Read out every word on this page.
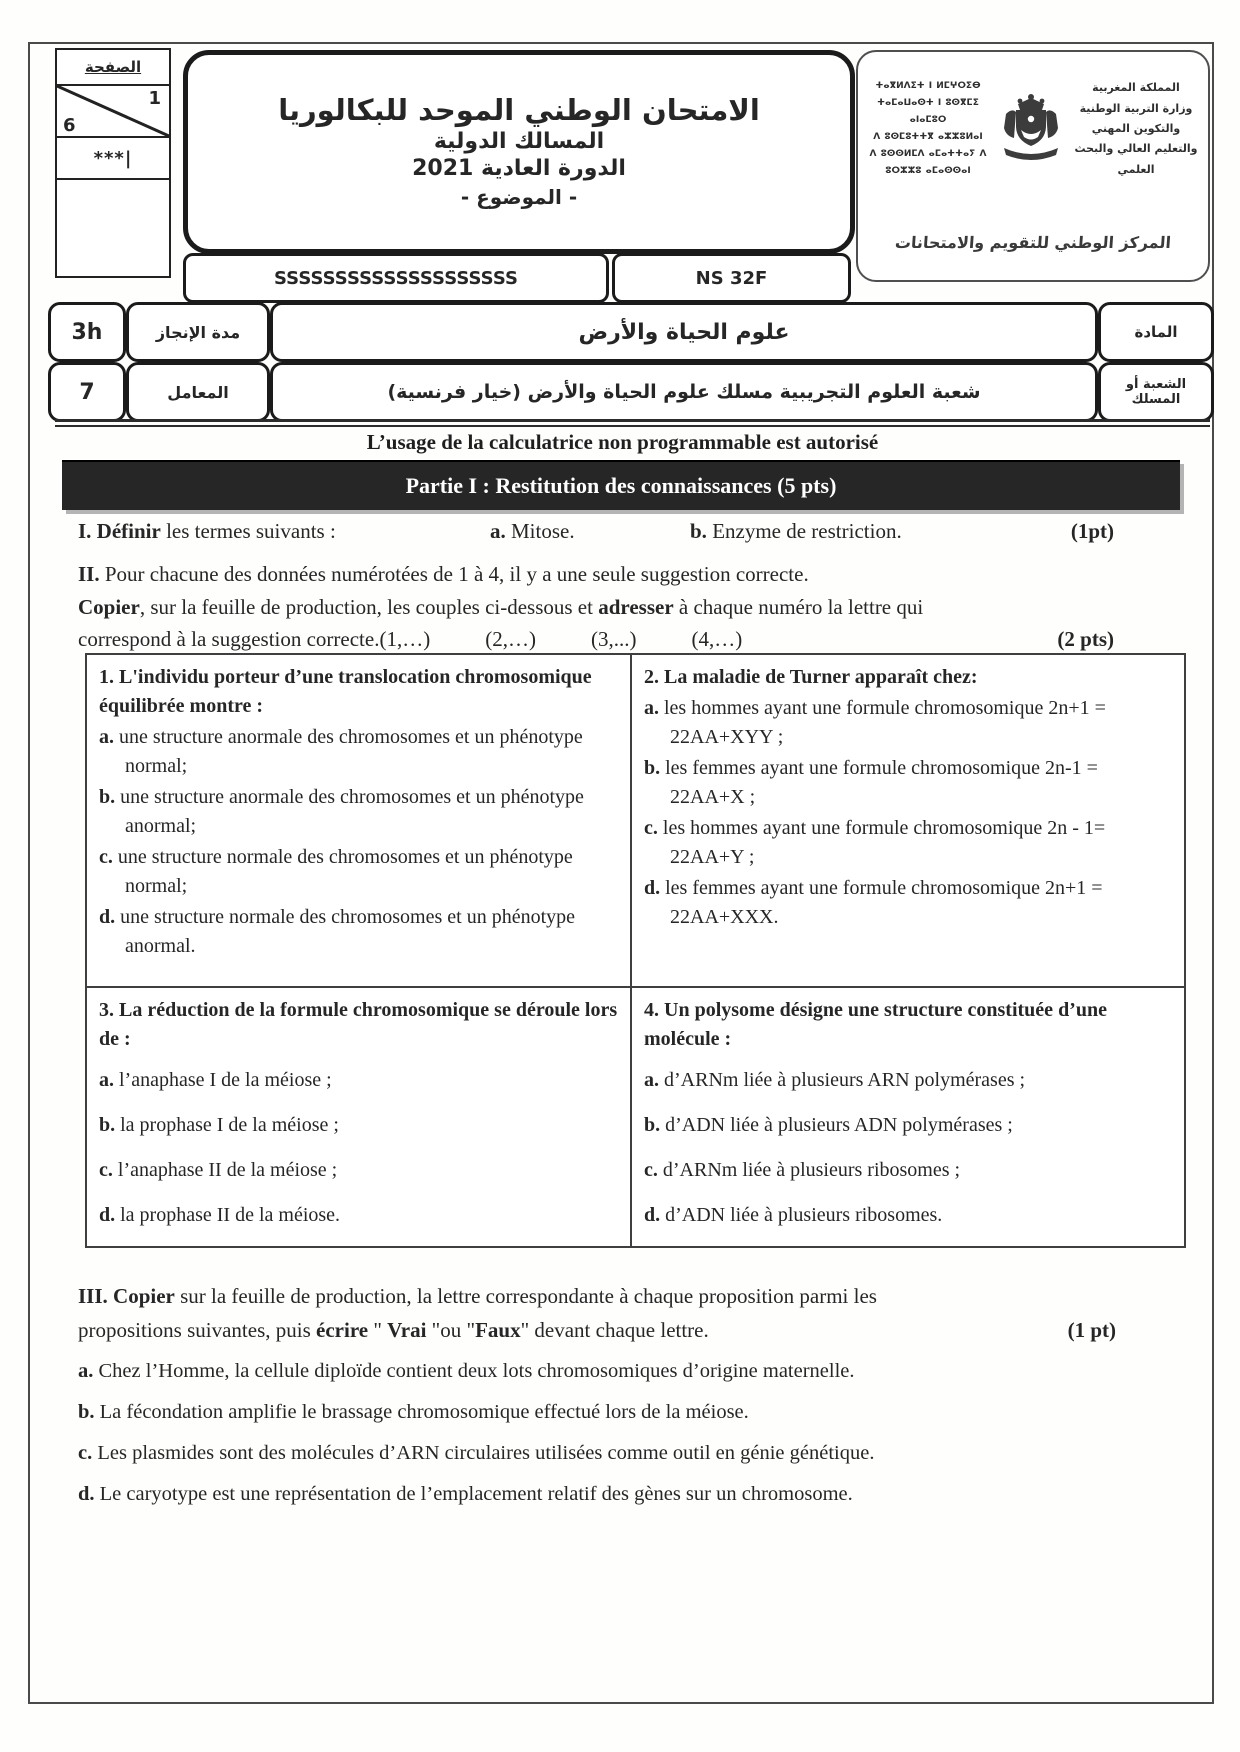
الصفحة
1
6
***|
الامتحان الوطني الموحد للبكالوريا
المسالك الدولية
الدورة العادية 2021
- الموضوع -
SSSSSSSSSSSSSSSSSSSS	NS 32F
ⵜⴰⴳⵍⴷⵉⵜ ⵏ ⵍⵎⵖⵔⵉⴱ
ⵜⴰⵎⴰⵡⴰⵙⵜ ⵏ ⵓⵙⴳⵎⵉ ⴰⵏⴰⵎⵓⵔ
ⴷ ⵓⵙⵎⵓⵜⵜⴳ ⴰⵣⵣⵓⵍⴰⵏ
ⴷ ⵓⵙⵙⵍⵎⴷ ⴰⵎⴰⵜⵜⴰⵢ ⴷ ⵓⵔⵣⵣⵓ ⴰⵎⴰⵙⵙⴰⵏ
المملكة المغربية
وزارة التربية الوطنية
والتكوين المهني
والتعليم العالي والبحث العلمي
المركز الوطني للتقويم والامتحانات
3h	مدة الإنجاز	علوم الحياة والأرض	المادة
7	المعامل	شعبة العلوم التجريبية مسلك علوم الحياة والأرض (خيار فرنسية)	الشعبة أو المسلك
L’usage de la calculatrice non programmable est autorisé
Partie I : Restitution des connaissances (5 pts)
I. Définir les termes suivants :	a. Mitose.	b. Enzyme de restriction.	(1pt)
II. Pour chacune des données numérotées de 1 à 4, il y a une seule suggestion correcte.
Copier, sur la feuille de production, les couples ci-dessous et adresser à chaque numéro la lettre qui
correspond à la suggestion correcte. (1,…)	(2,…)	(3,...)	(4,…)	(2 pts)
1. L'individu porteur d’une translocation chromosomique équilibrée montre :
a. une structure anormale des chromosomes et un phénotype normal;
b. une structure anormale des chromosomes et un phénotype anormal;
c. une structure normale des chromosomes et un phénotype normal;
d. une structure normale des chromosomes et un phénotype anormal.
2. La maladie de Turner apparaît chez:
a. les hommes ayant une formule chromosomique 2n+1 = 22AA+XYY ;
b. les femmes ayant une formule chromosomique 2n-1 = 22AA+X ;
c. les hommes ayant une formule chromosomique 2n - 1= 22AA+Y ;
d. les femmes ayant une formule chromosomique 2n+1 = 22AA+XXX.
3. La réduction de la formule chromosomique se déroule lors de :
a. l’anaphase I de la méiose ;
b. la prophase I de la méiose ;
c. l’anaphase II de la méiose ;
d. la prophase II de la méiose.
4. Un polysome désigne une structure constituée d’une molécule :
a. d’ARNm liée à plusieurs ARN polymérases ;
b. d’ADN liée à plusieurs ADN polymérases ;
c. d’ARNm liée à plusieurs ribosomes ;
d. d’ADN liée à plusieurs ribosomes.
III. Copier sur la feuille de production, la lettre correspondante à chaque proposition parmi les
propositions suivantes, puis écrire " Vrai "ou "Faux" devant chaque lettre.	(1 pt)
a. Chez l’Homme, la cellule diploïde contient deux lots chromosomiques d’origine maternelle.
b. La fécondation amplifie le brassage chromosomique effectué lors de la méiose.
c. Les plasmides sont des molécules d’ARN circulaires utilisées comme outil en génie génétique.
d. Le caryotype est une représentation de l’emplacement relatif des gènes sur un chromosome.
